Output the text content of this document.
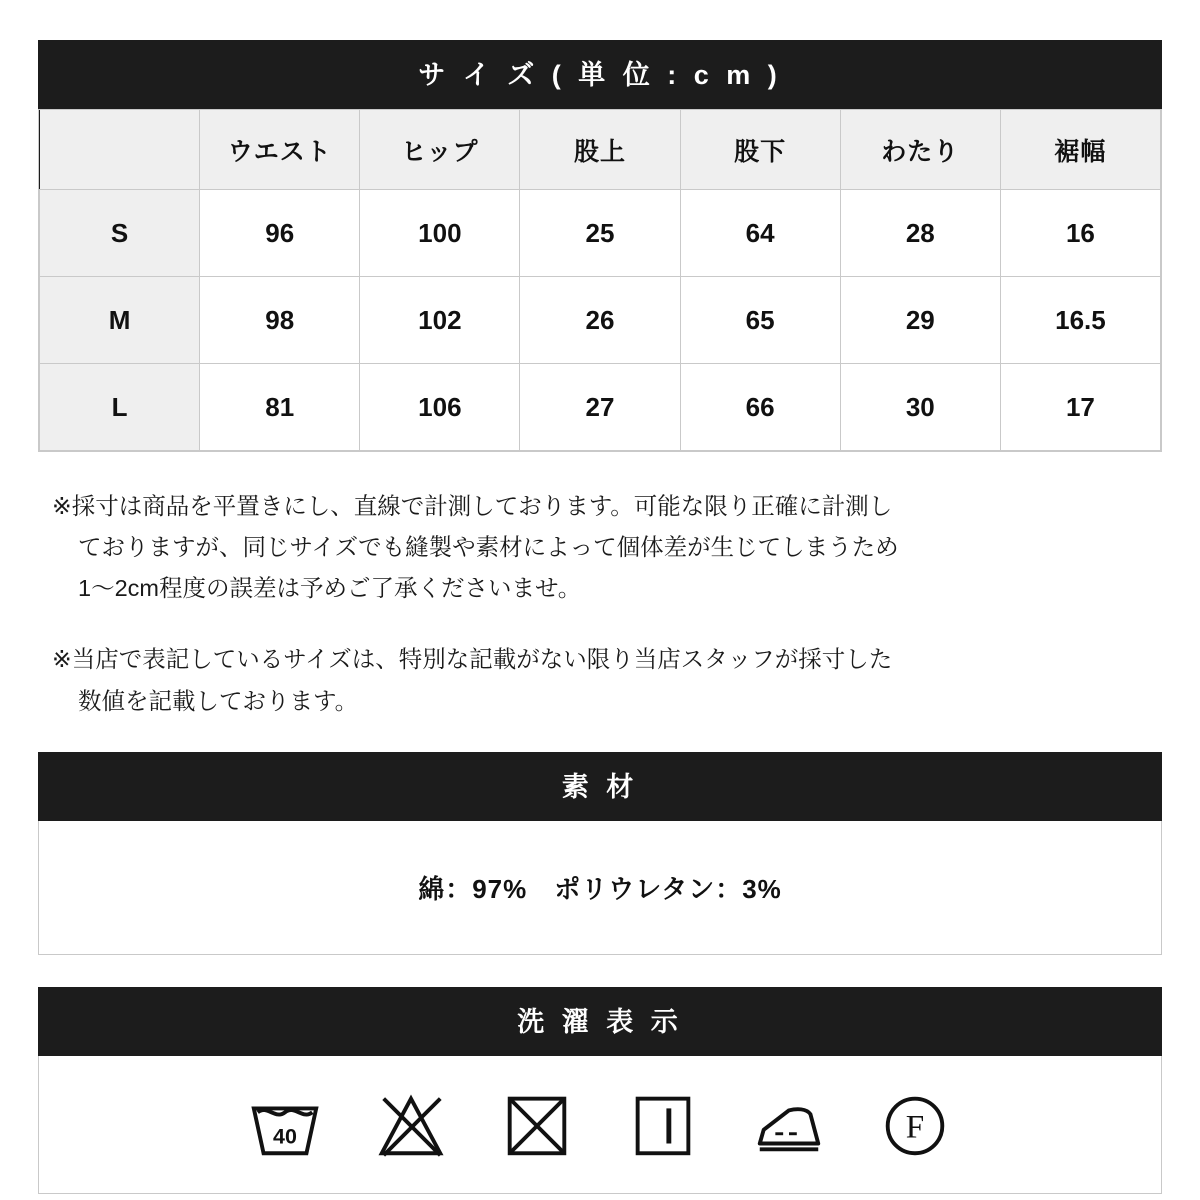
サ イ ズ ( 単 位 : c m )
	ウエスト	ヒップ	股上	股下	わたり	裾幅
S	96	100	25	64	28	16
M	98	102	26	65	29	16.5
L	81	106	27	66	30	17

※採寸は商品を平置きにし、直線で計測しております。可能な限り正確に計測し

ておりますが、同じサイズでも縫製や素材によって個体差が生じてしまうため

1〜2cm程度の誤差は予めご了承くださいませ。

※当店で表記しているサイズは、特別な記載がない限り当店スタッフが採寸した

数値を記載しております。

素 材
綿：97%　ポリウレタン：3%
洗 濯 表 示
40	F
